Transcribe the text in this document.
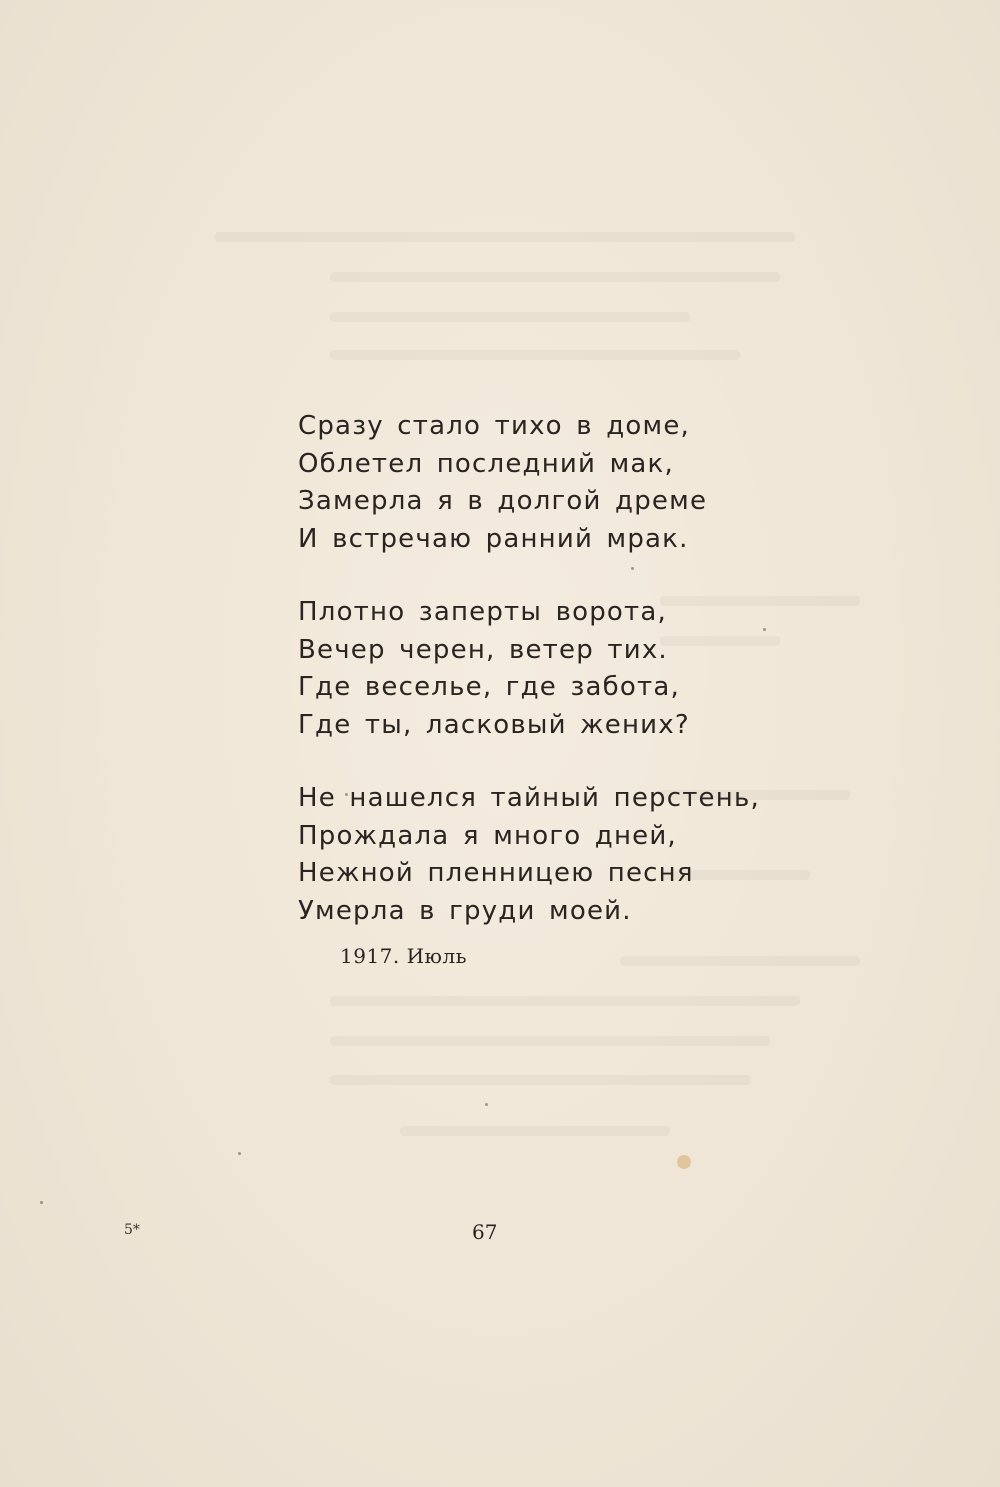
Сразу стало тихо в доме,
Облетел последний мак,
Замерла я в долгой дреме
И встречаю ранний мрак.
Плотно заперты ворота,
Вечер черен, ветер тих.
Где веселье, где забота,
Где ты, ласковый жених?
Не нашелся тайный перстень,
Прождала я много дней,
Нежной пленницею песня
Умерла в груди моей.
1917. Июль
5*	67
